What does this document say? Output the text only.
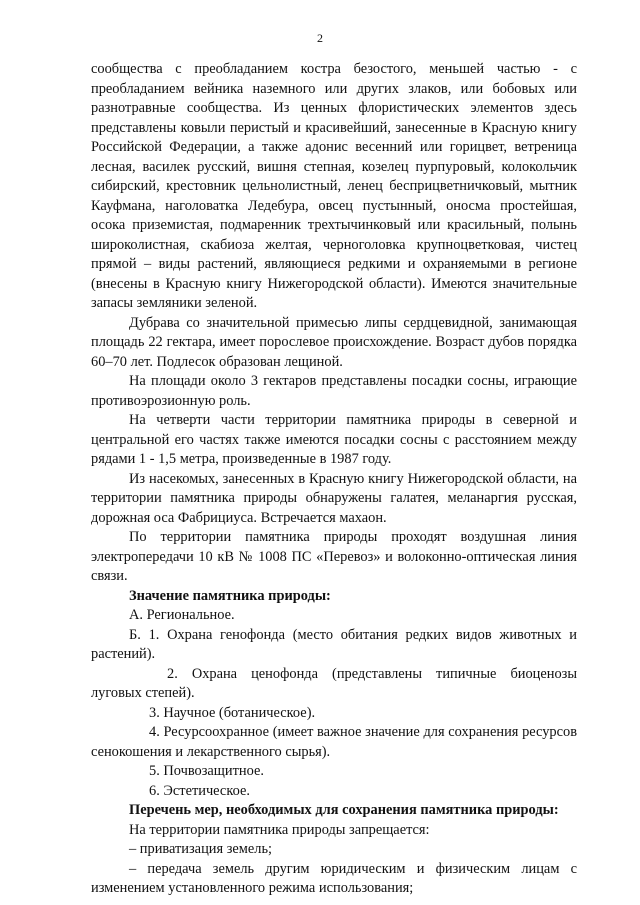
2

сообщества с преобладанием костра безостого, меньшей частью - с преобладанием вейника наземного или других злаков, или бобовых или разнотравные сообщества. Из ценных флористических элементов здесь представлены ковыли перистый и красивейший, занесенные в Красную книгу Российской Федерации, а также адонис весенний или горицвет, ветреница лесная, василек русский, вишня степная, козелец пурпуровый, колокольчик сибирский, крестовник цельнолистный, ленец бесприцветничковый, мытник Кауфмана, наголоватка Ледебура, овсец пустынный, оносма простейшая, осока приземистая, подмаренник трехтычинковый или красильный, полынь широколистная, скабиоза желтая, черноголовка крупноцветковая, чистец прямой – виды растений, являющиеся редкими и охраняемыми в регионе (внесены в Красную книгу Нижегородской области). Имеются значительные запасы земляники зеленой.

Дубрава со значительной примесью липы сердцевидной, занимающая площадь 22 гектара, имеет порослевое происхождение. Возраст дубов порядка 60–70 лет. Подлесок образован лещиной.

На площади около 3 гектаров представлены посадки сосны, играющие противоэрозионную роль.

На четверти части территории памятника природы в северной и центральной его частях также имеются посадки сосны с расстоянием между рядами 1 - 1,5 метра, произведенные в 1987 году.

Из насекомых, занесенных в Красную книгу Нижегородской области, на территории памятника природы обнаружены галатея, меланаргия русская, дорожная оса Фабрициуса. Встречается махаон.

По территории памятника природы проходят воздушная линия электропередачи 10 кВ № 1008 ПС «Перевоз» и волоконно-оптическая линия связи.

Значение памятника природы:

А. Региональное.

Б. 1. Охрана генофонда (место обитания редких видов животных и растений).

2. Охрана ценофонда (представлены типичные биоценозы луговых степей).

3. Научное (ботаническое).

4. Ресурсоохранное (имеет важное значение для сохранения ресурсов сенокошения и лекарственного сырья).

5. Почвозащитное.

6. Эстетическое.

Перечень мер, необходимых для сохранения памятника природы:

На территории памятника природы запрещается:

– приватизация земель;

– передача земель другим юридическим и физическим лицам с изменением установленного режима использования;
